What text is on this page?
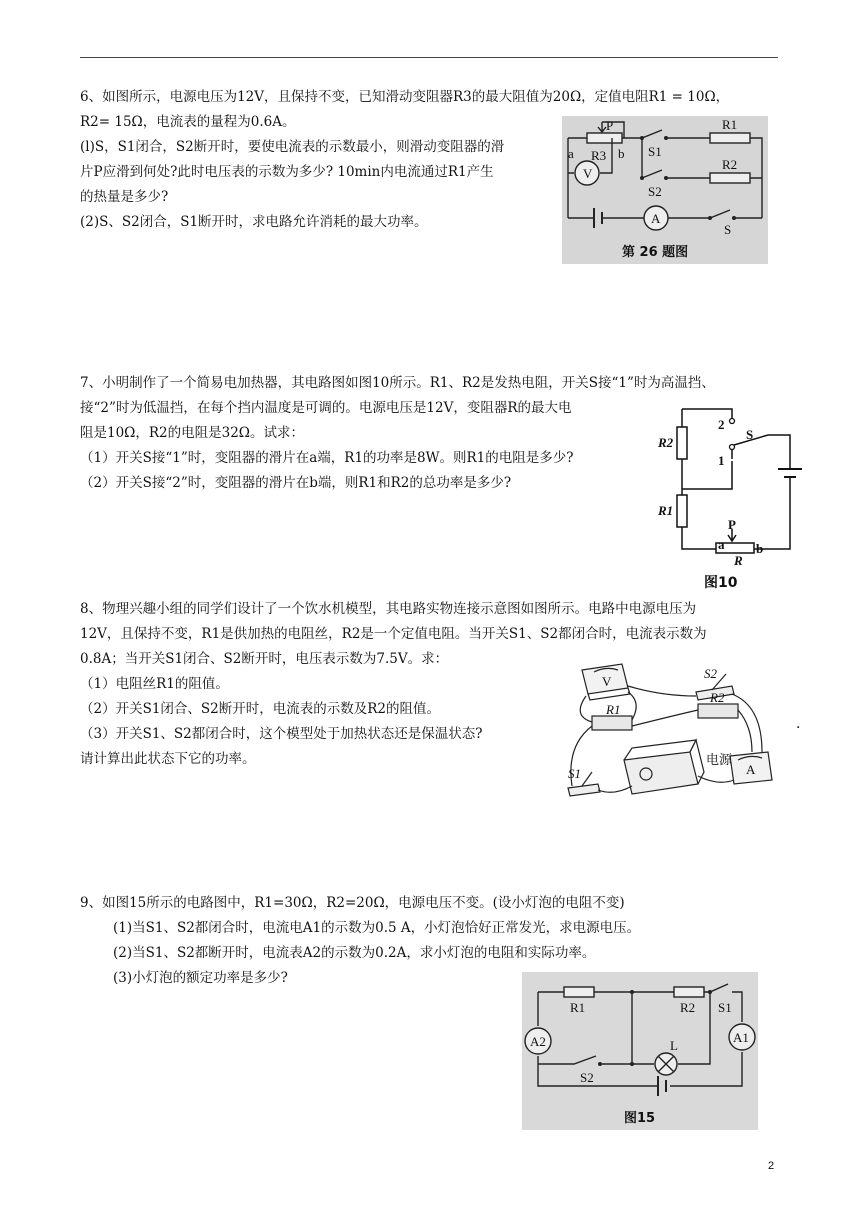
6、如图所示，电源电压为12V，且保持不变，已知滑动变阻器R3的最大阻值为20Ω，定值电阻R1 = 10Ω，

R2= 15Ω，电流表的量程为0.6A。

(l)S，S1闭合，S2断开时，要使电流表的示数最小，则滑动变阻器的滑

片P应滑到何处?此时电压表的示数为多少? 10min内电流通过R1产生

的热量是多少?

(2)S、S2闭合，S1断开时，求电路允许消耗的最大功率。

P
a	b
R3
V
S1
S2
R1
R2
A
S
第 26 题图

7、小明制作了一个简易电加热器，其电路图如图10所示。R1、R2是发热电阻，开关S接“1”时为高温挡、

接“2”时为低温挡，在每个挡内温度是可调的。电源电压是12V，变阻器R的最大电

阻是10Ω，R2的电阻是32Ω。试求：

（1）开关S接“1”时，变阻器的滑片在a端，R1的功率是8W。则R1的电阻是多少?

（2）开关S接“2”时，变阻器的滑片在b端，则R1和R2的总功率是多少?

R2
R1
2
1
S
P
a
R
b
图10

8、物理兴趣小组的同学们设计了一个饮水机模型，其电路实物连接示意图如图所示。电路中电源电压为

12V，且保持不变，R1是供加热的电阻丝，R2是一个定值电阻。当开关S1、S2都闭合时，电流表示数为

0.8A；当开关S1闭合、S2断开时，电压表示数为7.5V。求：

（1）电阻丝R1的阻值。

（2）开关S1闭合、S2断开时，电流表的示数及R2的阻值。

（3）开关S1、S2都闭合时，这个模型处于加热状态还是保温状态?

请计算出此状态下它的功率。

V
R1
S2
R2
S1
电源
A
.

9、如图15所示的电路图中，R1=30Ω，R2=20Ω，电源电压不变。(设小灯泡的电阻不变)

(1)当S1、S2都闭合时，电流电A1的示数为0.5 A，小灯泡恰好正常发光，求电源电压。

(2)当S1、S2都断开时，电流表A2的示数为0.2A，求小灯泡的电阻和实际功率。

(3)小灯泡的额定功率是多少?

R1	R2 S1
S2
A2	A1
L
图15
2
